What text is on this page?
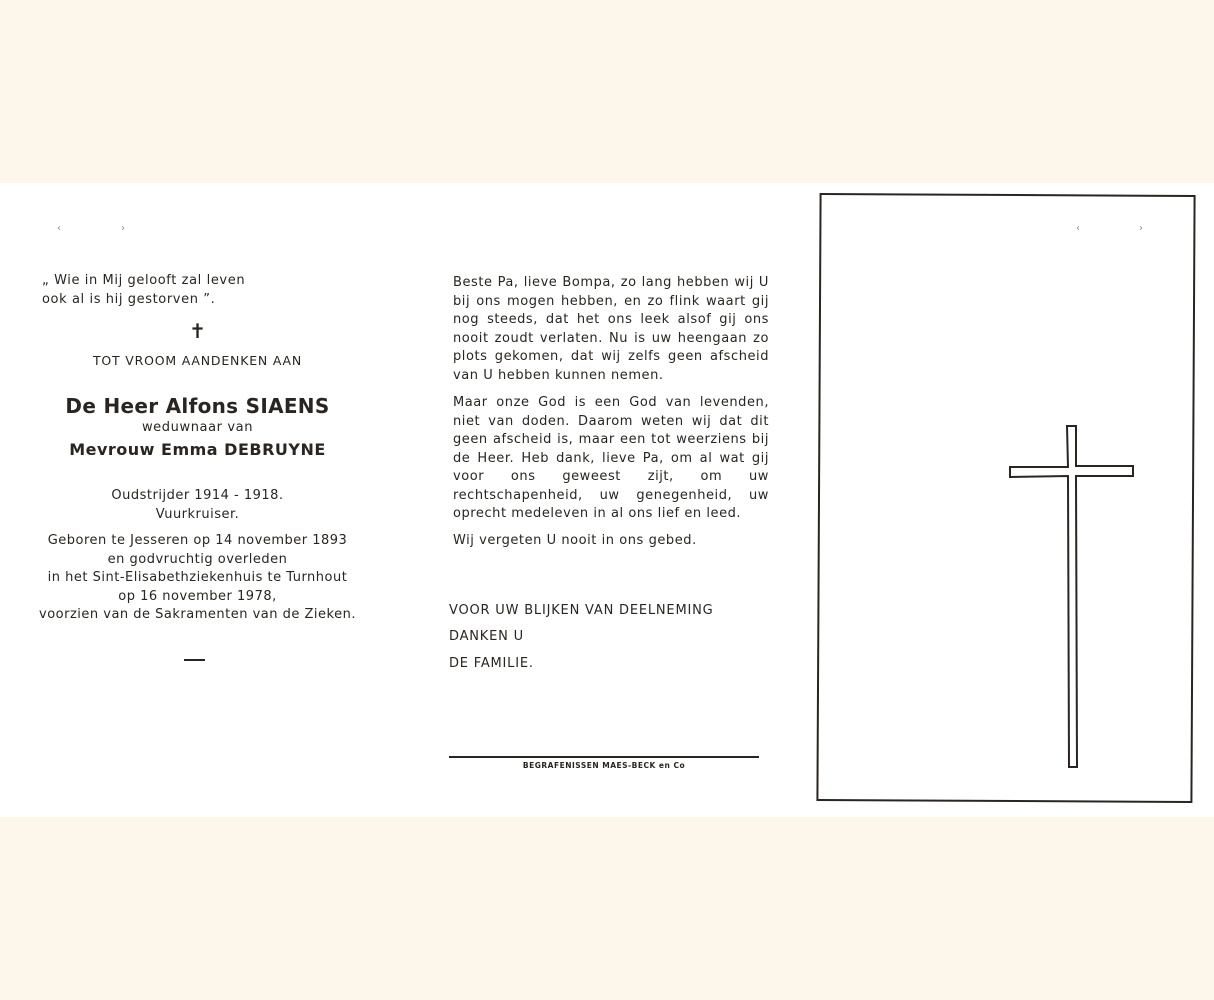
‹	›
„ Wie in Mij gelooft zal leven
ook al is hij gestorven ”.
✝
TOT VROOM AANDENKEN AAN
De Heer Alfons SIAENS
weduwnaar van
Mevrouw Emma DEBRUYNE
Oudstrijder 1914 - 1918.
Vuurkruiser.
Geboren te Jesseren op 14 november 1893
en godvruchtig overleden
in het Sint-Elisabethziekenhuis te Turnhout
op 16 november 1978,
voorzien van de Sakramenten van de Zieken.

Beste Pa, lieve Bompa, zo lang hebben wij U bij ons mogen hebben, en zo flink waart gij nog steeds, dat het ons leek alsof gij ons nooit zoudt verlaten. Nu is uw heengaan zo plots gekomen, dat wij zelfs geen afscheid van U hebben kunnen nemen.

Maar onze God is een God van levenden, niet van doden. Daarom weten wij dat dit geen afscheid is, maar een tot weerziens bij de Heer. Heb dank, lieve Pa, om al wat gij voor ons geweest zijt, om uw rechtschapenheid, uw genegenheid, uw oprecht medeleven in al ons lief en leed.

Wij vergeten U nooit in ons gebed.

VOOR UW BLIJKEN VAN DEELNEMING
DANKEN U
DE FAMILIE.
BEGRAFENISSEN MAES-BECK en Co
‹	›
